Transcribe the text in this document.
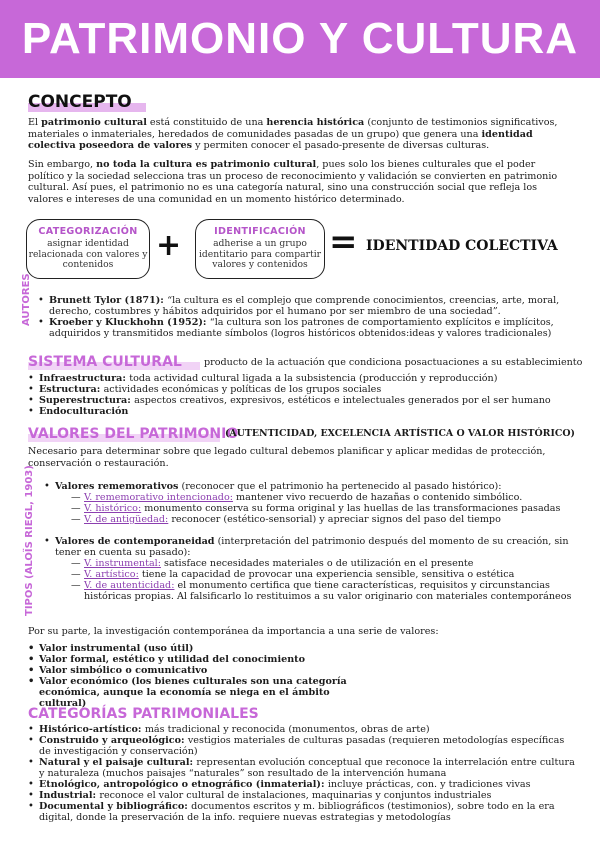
PATRIMONIO Y CULTURA
CONCEPTO

El patrimonio cultural está constituido de una herencia histórica (conjunto de testimonios significativos, materiales o inmateriales, heredados de comunidades pasadas de un grupo) que genera una identidad colectiva poseedora de valores y permiten conocer el pasado-presente de diversas culturas.

Sin embargo, no toda la cultura es patrimonio cultural, pues solo los bienes culturales que el poder político y la sociedad selecciona tras un proceso de reconocimiento y validación se convierten en patrimonio cultural. Así pues, el patrimonio no es una categoría natural, sino una construcción social que refleja los valores e intereses de una comunidad en un momento histórico determinado.

CATEGORIZACIÓN
asignar identidad relacionada con valores y contenidos
+	IDENTIFICACIÓN
adherise a un grupo identitario para compartir valores y contenidos
= IDENTIDAD COLECTIVA
AUTORES	• Brunett Tylor (1871): “la cultura es el complejo que comprende conocimientos, creencias, arte, moral, derecho, costumbres y hábitos adquiridos por el humano por ser miembro de una sociedad”.
• Kroeber y Kluckhohn (1952): “la cultura son los patrones de comportamiento explícitos e implícitos, adquiridos y transmitidos mediante símbolos (logros históricos obtenidos:ideas y valores tradicionales)
SISTEMA CULTURAL producto de la actuación que condiciona posactuaciones a su establecimiento
• Infraestructura: toda actividad cultural ligada a la subsistencia (producción y reproducción)
• Estructura: actividades económicas y políticas de los grupos sociales
• Superestructura: aspectos creativos, expresivos, estéticos e intelectuales generados por el ser humano
• Endoculturación
VALORES DEL PATRIMONIO
(AUTENTICIDAD, EXCELENCIA ARTÍSTICA O VALOR HISTÓRICO)

Necesario para determinar sobre que legado cultural debemos planificar y aplicar medidas de protección, conservación o restauración.

TIPOS (ALOÏS RIEGL, 1903)	• Valores rememorativos (reconocer que el patrimonio ha pertenecido al pasado histórico):
— V. rememorativo intencionado: mantener vivo recuerdo de hazañas o contenido simbólico.
— V. histórico: monumento conserva su forma original y las huellas de las transformaciones pasadas
— V. de antigüedad: reconocer (estético-sensorial) y apreciar signos del paso del tiempo
• Valores de contemporaneidad (interpretación del patrimonio después del momento de su creación, sin tener en cuenta su pasado):
— V. instrumental: satisface necesidades materiales o de utilización en el presente
— V. artístico: tiene la capacidad de provocar una experiencia sensible, sensitiva o estética
— V. de autenticidad: el monumento certifica que tiene características, requisitos y circunstancias históricas propias. Al falsificarlo lo restituimos a su valor originario con materiales contemporáneos

Por su parte, la investigación contemporánea da importancia a una serie de valores:

• Valor instrumental (uso útil)
• Valor formal, estético y utilidad del conocimiento
• Valor simbólico o comunicativo
• Valor económico (los bienes culturales son una categoría económica, aunque la economía se niega en el ámbito cultural)
CATEGORÍAS PATRIMONIALES
• Histórico-artístico: más tradicional y reconocida (monumentos, obras de arte)
• Construido y arqueológico: vestigios materiales de culturas pasadas (requieren metodologías específicas de investigación y conservación)
• Natural y el paisaje cultural: representan evolución conceptual que reconoce la interrelación entre cultura y naturaleza (muchos paisajes “naturales” son resultado de la intervención humana
• Etnológico, antropológico o etnográfico (inmaterial): incluye prácticas, con. y tradiciones vivas
• Industrial: reconoce el valor cultural de instalaciones, maquinarias y conjuntos industriales
• Documental y bibliográfico: documentos escritos y m. bibliográficos (testimonios), sobre todo en la era digital, donde la preservación de la info. requiere nuevas estrategias y metodologías
